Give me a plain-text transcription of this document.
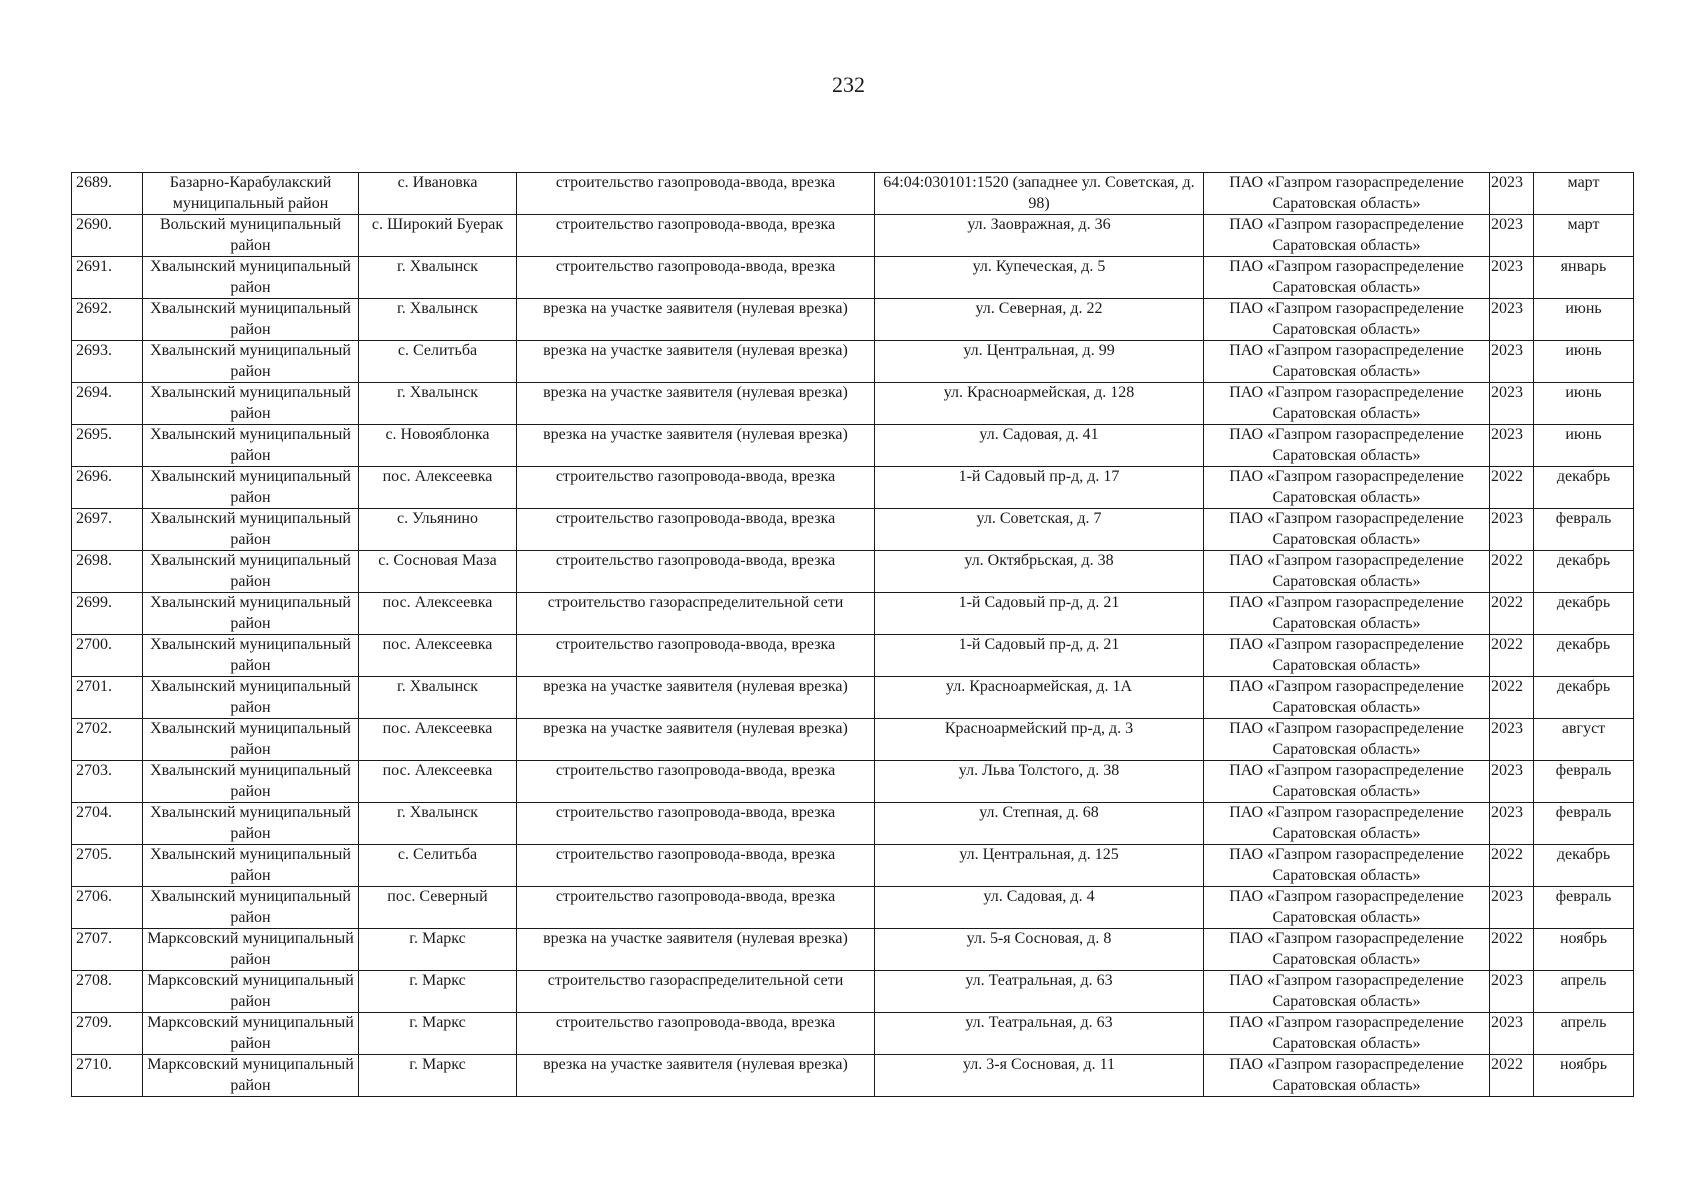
232
2689.	Базарно-Карабулакский муниципальный район	с. Ивановка	строительство газопровода-ввода, врезка	64:04:030101:1520 (западнее ул. Советская, д. 98)	ПАО «Газпром газораспределение Саратовская область»	2023	март
2690.	Вольский муниципальный район	с. Широкий Буерак	строительство газопровода-ввода, врезка	ул. Заовражная, д. 36	ПАО «Газпром газораспределение Саратовская область»	2023	март
2691.	Хвалынский муниципальный район	г. Хвалынск	строительство газопровода-ввода, врезка	ул. Купеческая, д. 5	ПАО «Газпром газораспределение Саратовская область»	2023	январь
2692.	Хвалынский муниципальный район	г. Хвалынск	врезка на участке заявителя (нулевая врезка)	ул. Северная, д. 22	ПАО «Газпром газораспределение Саратовская область»	2023	июнь
2693.	Хвалынский муниципальный район	с. Селитьба	врезка на участке заявителя (нулевая врезка)	ул. Центральная, д. 99	ПАО «Газпром газораспределение Саратовская область»	2023	июнь
2694.	Хвалынский муниципальный район	г. Хвалынск	врезка на участке заявителя (нулевая врезка)	ул. Красноармейская, д. 128	ПАО «Газпром газораспределение Саратовская область»	2023	июнь
2695.	Хвалынский муниципальный район	с. Новояблонка	врезка на участке заявителя (нулевая врезка)	ул. Садовая, д. 41	ПАО «Газпром газораспределение Саратовская область»	2023	июнь
2696.	Хвалынский муниципальный район	пос. Алексеевка	строительство газопровода-ввода, врезка	1-й Садовый пр-д, д. 17	ПАО «Газпром газораспределение Саратовская область»	2022	декабрь
2697.	Хвалынский муниципальный район	с. Ульянино	строительство газопровода-ввода, врезка	ул. Советская, д. 7	ПАО «Газпром газораспределение Саратовская область»	2023	февраль
2698.	Хвалынский муниципальный район	с. Сосновая Маза	строительство газопровода-ввода, врезка	ул. Октябрьская, д. 38	ПАО «Газпром газораспределение Саратовская область»	2022	декабрь
2699.	Хвалынский муниципальный район	пос. Алексеевка	строительство газораспределительной сети	1-й Садовый пр-д, д. 21	ПАО «Газпром газораспределение Саратовская область»	2022	декабрь
2700.	Хвалынский муниципальный район	пос. Алексеевка	строительство газопровода-ввода, врезка	1-й Садовый пр-д, д. 21	ПАО «Газпром газораспределение Саратовская область»	2022	декабрь
2701.	Хвалынский муниципальный район	г. Хвалынск	врезка на участке заявителя (нулевая врезка)	ул. Красноармейская, д. 1А	ПАО «Газпром газораспределение Саратовская область»	2022	декабрь
2702.	Хвалынский муниципальный район	пос. Алексеевка	врезка на участке заявителя (нулевая врезка)	Красноармейский пр-д, д. 3	ПАО «Газпром газораспределение Саратовская область»	2023	август
2703.	Хвалынский муниципальный район	пос. Алексеевка	строительство газопровода-ввода, врезка	ул. Льва Толстого, д. 38	ПАО «Газпром газораспределение Саратовская область»	2023	февраль
2704.	Хвалынский муниципальный район	г. Хвалынск	строительство газопровода-ввода, врезка	ул. Степная, д. 68	ПАО «Газпром газораспределение Саратовская область»	2023	февраль
2705.	Хвалынский муниципальный район	с. Селитьба	строительство газопровода-ввода, врезка	ул. Центральная, д. 125	ПАО «Газпром газораспределение Саратовская область»	2022	декабрь
2706.	Хвалынский муниципальный район	пос. Северный	строительство газопровода-ввода, врезка	ул. Садовая, д. 4	ПАО «Газпром газораспределение Саратовская область»	2023	февраль
2707.	Марксовский муниципальный район	г. Маркс	врезка на участке заявителя (нулевая врезка)	ул. 5-я Сосновая, д. 8	ПАО «Газпром газораспределение Саратовская область»	2022	ноябрь
2708.	Марксовский муниципальный район	г. Маркс	строительство газораспределительной сети	ул. Театральная, д. 63	ПАО «Газпром газораспределение Саратовская область»	2023	апрель
2709.	Марксовский муниципальный район	г. Маркс	строительство газопровода-ввода, врезка	ул. Театральная, д. 63	ПАО «Газпром газораспределение Саратовская область»	2023	апрель
2710.	Марксовский муниципальный район	г. Маркс	врезка на участке заявителя (нулевая врезка)	ул. 3-я Сосновая, д. 11	ПАО «Газпром газораспределение Саратовская область»	2022	ноябрь
